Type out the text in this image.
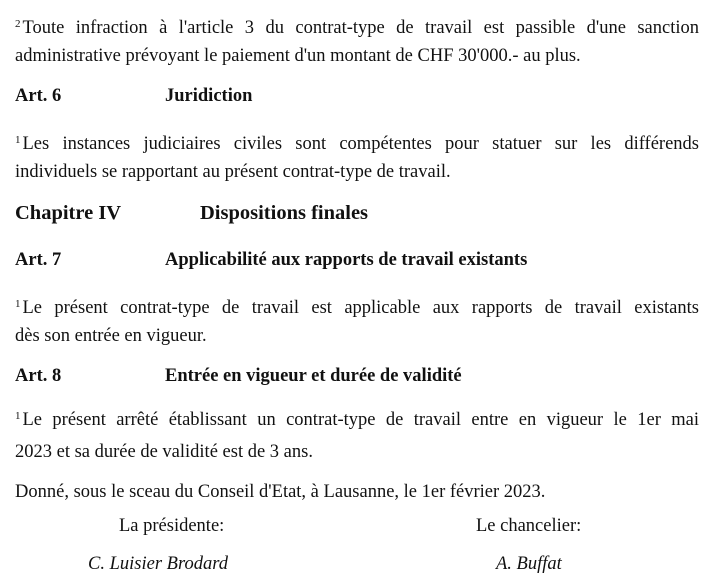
$^2$ Toute infraction à l'article 3 du contrat-type de travail est passible d'une sanction
administrative prévoyant le paiement d'un montant de CHF 30'000.- au plus.

Art. 6	Juridiction

$^1$ Les instances judiciaires civiles sont compétentes pour statuer sur les différends
individuels se rapportant au présent contrat-type de travail.

Chapitre IV	Dispositions finales
Art. 7	Applicabilité aux rapports de travail existants

$^1$ Le présent contrat-type de travail est applicable aux rapports de travail existants
dès son entrée en vigueur.

Art. 8	Entrée en vigueur et durée de validité

$^1$ Le présent arrêté établissant un contrat-type de travail entre en vigueur le 1er mai
2023 et sa durée de validité est de 3 ans.

Donné, sous le sceau du Conseil d'Etat, à Lausanne, le 1er février 2023.

La présidente:
C. Luisier Brodard
Le chancelier:
A. Buffat
